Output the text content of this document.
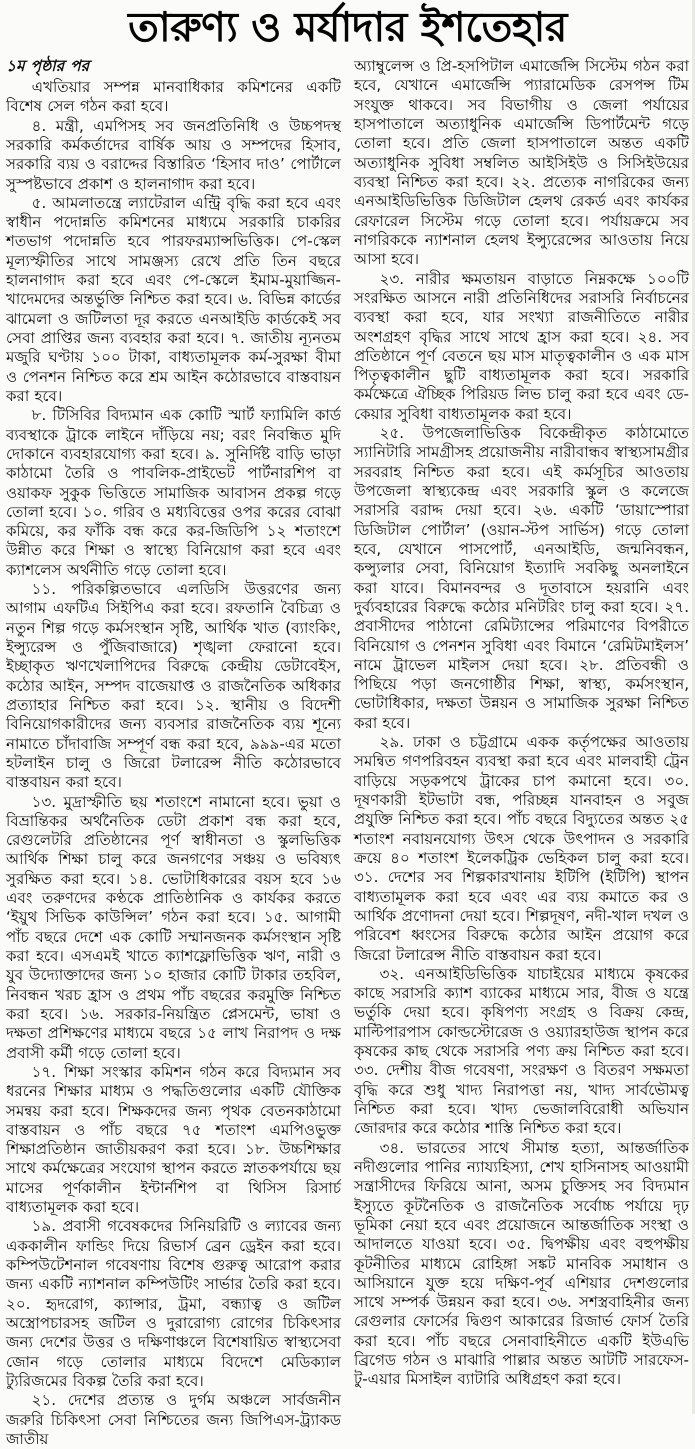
তারুণ্য ও মর্যাদার ইশতেহার

১ম পৃষ্ঠার পর

এখতিয়ার সম্পন্ন মানবাধিকার কমিশনের একটি বিশেষ সেল গঠন করা হবে।

৪. মন্ত্রী, এমপিসহ সব জনপ্রতিনিধি ও উচ্চপদস্থ সরকারি কর্মকর্তাদের বার্ষিক আয় ও সম্পদের হিসাব, সরকারি ব্যয় ও বরাদ্দের বিস্তারিত ‘হিসাব দাও’ পোর্টালে সুস্পষ্টভাবে প্রকাশ ও হালনাগাদ করা হবে।

৫. আমলাতন্ত্রে ল্যাটেরাল এন্ট্রি বৃদ্ধি করা হবে এবং স্বাধীন পদোন্নতি কমিশনের মাধ্যমে সরকারি চাকরির শতভাগ পদোন্নতি হবে পারফরম্যান্সভিত্তিক। পে-স্কেল মূল্যস্ফীতির সাথে সামঞ্জস্য রেখে প্রতি তিন বছরে হালনাগাদ করা হবে এবং পে-স্কেলে ইমাম-মুয়াজ্জিন-খাদেমদের অন্তর্ভুক্তি নিশ্চিত করা হবে। ৬. বিভিন্ন কার্ডের ঝামেলা ও জটিলতা দূর করতে এনআইডি কার্ডকেই সব সেবা প্রাপ্তির জন্য ব্যবহার করা হবে। ৭. জাতীয় ন্যূনতম মজুরি ঘণ্টায় ১০০ টাকা, বাধ্যতামূলক কর্ম-সুরক্ষা বীমা ও পেনশন নিশ্চিত করে শ্রম আইন কঠোরভাবে বাস্তবায়ন করা হবে।

৮. টিসিবির বিদ্যমান এক কোটি স্মার্ট ফ্যামিলি কার্ড ব্যবস্থাকে ট্রাকে লাইনে দাঁড়িয়ে নয়; বরং নিবন্ধিত মুদি দোকানে ব্যবহারযোগ্য করা হবে। ৯. সুনির্দিষ্ট বাড়ি ভাড়া কাঠামো তৈরি ও পাবলিক-প্রাইভেট পার্টনারশিপ বা ওয়াকফ সুকুক ভিত্তিতে সামাজিক আবাসন প্রকল্প গড়ে তোলা হবে। ১০. গরিব ও মধ্যবিত্তের ওপর করের বোঝা কমিয়ে, কর ফাঁকি বন্ধ করে কর-জিডিপি ১২ শতাংশে উন্নীত করে শিক্ষা ও স্বাস্থ্যে বিনিয়োগ করা হবে এবং ক্যাশলেস অর্থনীতি গড়ে তোলা হবে।

১১. পরিকল্পিতভাবে এলডিসি উত্তরণের জন্য আগাম এফটিএ সিইপিএ করা হবে। রফতানি বৈচিত্র্য ও নতুন শিল্প গড়ে কর্মসংস্থান সৃষ্টি, আর্থিক খাত (ব্যাংকিং, ইন্স্যুরেন্স ও পুঁজিবাজারে) শৃঙ্খলা ফেরানো হবে। ইচ্ছাকৃত ঋণখেলাপিদের বিরুদ্ধে কেন্দ্রীয় ডেটাবেইস, কঠোর আইন, সম্পদ বাজেয়াপ্ত ও রাজনৈতিক অধিকার প্রত্যাহার নিশ্চিত করা হবে। ১২. স্থানীয় ও বিদেশী বিনিয়োগকারীদের জন্য ব্যবসার রাজনৈতিক ব্যয় শূন্যে নামাতে চাঁদাবাজি সম্পূর্ণ বন্ধ করা হবে, ৯৯৯-এর মতো হটলাইন চালু ও জিরো টলারেন্স নীতি কঠোরভাবে বাস্তবায়ন করা হবে।

১৩. মুদ্রাস্ফীতি ছয় শতাংশে নামানো হবে। ভুয়া ও বিভ্রান্তিকর অর্থনৈতিক ডেটা প্রকাশ বন্ধ করা হবে, রেগুলেটরি প্রতিষ্ঠানের পূর্ণ স্বাধীনতা ও স্কুলভিত্তিক আর্থিক শিক্ষা চালু করে জনগণের সঞ্চয় ও ভবিষ্যৎ সুরক্ষিত করা হবে। ১৪. ভোটাধিকারের বয়স হবে ১৬ এবং তরুণদের কণ্ঠকে প্রাতিষ্ঠানিক ও কার্যকর করতে ‘ইয়ুথ সিভিক কাউন্সিল’ গঠন করা হবে। ১৫. আগামী পাঁচ বছরে দেশে এক কোটি সম্মানজনক কর্মসংস্থান সৃষ্টি করা হবে। এসএমই খাতে ক্যাশফ্লোভিত্তিক ঋণ, নারী ও যুব উদ্যোক্তাদের জন্য ১০ হাজার কোটি টাকার তহবিল, নিবন্ধন খরচ হ্রাস ও প্রথম পাঁচ বছরের করমুক্তি নিশ্চিত করা হবে। ১৬. সরকার-নিয়ন্ত্রিত প্লেসমেন্ট, ভাষা ও দক্ষতা প্রশিক্ষণের মাধ্যমে বছরে ১৫ লাখ নিরাপদ ও দক্ষ প্রবাসী কর্মী গড়ে তোলা হবে।

১৭. শিক্ষা সংস্কার কমিশন গঠন করে বিদ্যমান সব ধরনের শিক্ষার মাধ্যম ও পদ্ধতিগুলোর একটি যৌক্তিক সমন্বয় করা হবে। শিক্ষকদের জন্য পৃথক বেতনকাঠামো বাস্তবায়ন ও পাঁচ বছরে ৭৫ শতাংশ এমপিওভুক্ত শিক্ষাপ্রতিষ্ঠান জাতীয়করণ করা হবে। ১৮. উচ্চশিক্ষার সাথে কর্মক্ষেত্রের সংযোগ স্থাপন করতে স্নাতকপর্যায়ে ছয় মাসের পূর্ণকালীন ইন্টার্নশিপ বা থিসিস রিসার্চ বাধ্যতামূলক করা হবে।

১৯. প্রবাসী গবেষকদের সিনিয়রিটি ও ল্যাবের জন্য এককালীন ফান্ডিং দিয়ে রিভার্স ব্রেন ড্রেইন করা হবে। কম্পিউটেশনাল গবেষণায় বিশেষ গুরুত্ব আরোপ করার জন্য একটি ন্যাশনাল কম্পিউটিং সার্ভার তৈরি করা হবে। ২০. হৃদরোগ, ক্যান্সার, ট্রমা, বন্ধ্যাত্ব ও জটিল অস্ত্রোপচারসহ জটিল ও দুরারোগ্য রোগের চিকিৎসার জন্য দেশের উত্তর ও দক্ষিণাঞ্চলে বিশেষায়িত স্বাস্থ্যসেবা জোন গড়ে তোলার মাধ্যমে বিদেশে মেডিক্যাল ট্যুরিজমের বিকল্প তৈরি করা হবে।

২১. দেশের প্রত্যন্ত ও দুর্গম অঞ্চলে সার্বজনীন জরুরি চিকিৎসা সেবা নিশ্চিতের জন্য জিপিএস-ট্র্যাকড জাতীয়

অ্যাম্বুলেন্স ও প্রি-হসপিটাল এমার্জেন্সি সিস্টেম গঠন করা হবে, যেখানে এমার্জেন্সি প্যারামেডিক রেসপন্স টিম সংযুক্ত থাকবে। সব বিভাগীয় ও জেলা পর্যায়ের হাসপাতালে অত্যাধুনিক এমার্জেন্সি ডিপার্টমেন্ট গড়ে তোলা হবে। প্রতি জেলা হাসপাতালে অন্তত একটি অত্যাধুনিক সুবিধা সম্বলিত আইসিইউ ও সিসিইউয়ের ব্যবস্থা নিশ্চিত করা হবে। ২২. প্রত্যেক নাগরিকের জন্য এনআইডিভিত্তিক ডিজিটাল হেলথ রেকর্ড এবং কার্যকর রেফারেল সিস্টেম গড়ে তোলা হবে। পর্যায়ক্রমে সব নাগরিককে ন্যাশনাল হেলথ ইন্স্যুরেন্সের আওতায় নিয়ে আসা হবে।

২৩. নারীর ক্ষমতায়ন বাড়াতে নিম্নকক্ষে ১০০টি সংরক্ষিত আসনে নারী প্রতিনিধিদের সরাসরি নির্বাচনের ব্যবস্থা করা হবে, যার সংখ্যা রাজনীতিতে নারীর অংশগ্রহণ বৃদ্ধির সাথে সাথে হ্রাস করা হবে। ২৪. সব প্রতিষ্ঠানে পূর্ণ বেতনে ছয় মাস মাতৃত্বকালীন ও এক মাস পিতৃত্বকালীন ছুটি বাধ্যতামূলক করা হবে। সরকারি কর্মক্ষেত্রে ঐচ্ছিক পিরিয়ড লিভ চালু করা হবে এবং ডে-কেয়ার সুবিধা বাধ্যতামূলক করা হবে।

২৫. উপজেলাভিত্তিক বিকেন্দ্রীকৃত কাঠামোতে স্যানিটারি সামগ্রীসহ প্রয়োজনীয় নারীবান্ধব স্বাস্থ্যসামগ্রীর সরবরাহ নিশ্চিত করা হবে। এই কর্মসূচির আওতায় উপজেলা স্বাস্থ্যকেন্দ্র এবং সরকারি স্কুল ও কলেজে সরাসরি বরাদ্দ দেয়া হবে। ২৬. একটি ‘ডায়াস্পোরা ডিজিটাল পোর্টাল’ (ওয়ান-স্টপ সার্ভিস) গড়ে তোলা হবে, যেখানে পাসপোর্ট, এনআইডি, জন্মনিবন্ধন, কন্স্যুলার সেবা, বিনিয়োগ ইত্যাদি সবকিছু অনলাইনে করা যাবে। বিমানবন্দর ও দূতাবাসে হয়রানি এবং দুর্ব্যবহারের বিরুদ্ধে কঠোর মনিটরিং চালু করা হবে। ২৭. প্রবাসীদের পাঠানো রেমিট্যান্সের পরিমাণের বিপরীতে বিনিয়োগ ও পেনশন সুবিধা এবং বিমানে ‘রেমিটমাইলস’ নামে ট্রাভেল মাইলস দেয়া হবে। ২৮. প্রতিবন্ধী ও পিছিয়ে পড়া জনগোষ্ঠীর শিক্ষা, স্বাস্থ্য, কর্মসংস্থান, ভোটাধিকার, দক্ষতা উন্নয়ন ও সামাজিক সুরক্ষা নিশ্চিত করা হবে।

২৯. ঢাকা ও চট্টগ্রামে একক কর্তৃপক্ষের আওতায় সমন্বিত গণপরিবহন ব্যবস্থা করা হবে এবং মালবাহী ট্রেন বাড়িয়ে সড়কপথে ট্রাকের চাপ কমানো হবে। ৩০. দূষণকারী ইটভাটা বন্ধ, পরিচ্ছন্ন যানবাহন ও সবুজ প্রযুক্তি নিশ্চিত করা হবে। পাঁচ বছরে বিদ্যুতের অন্তত ২৫ শতাংশ নবায়নযোগ্য উৎস থেকে উৎপাদন ও সরকারি ক্রয়ে ৪০ শতাংশ ইলেকট্রিক ভেহিকল চালু করা হবে। ৩১. দেশের সব শিল্পকারখানায় ইটিপি (ইটিপি) স্থাপন বাধ্যতামূলক করা হবে এবং এর ব্যয় কমাতে কর ও আর্থিক প্রণোদনা দেয়া হবে। শিল্পদূষণ, নদী-খাল দখল ও পরিবেশ ধ্বংসের বিরুদ্ধে কঠোর আইন প্রয়োগ করে জিরো টলারেন্স নীতি বাস্তবায়ন করা হবে।

৩২. এনআইডিভিত্তিক যাচাইয়ের মাধ্যমে কৃষকের কাছে সরাসরি ক্যাশ ব্যাকের মাধ্যমে সার, বীজ ও যন্ত্রে ভর্তুকি দেয়া হবে। কৃষিপণ্য সংগ্রহ ও বিক্রয় কেন্দ্র, মাল্টিপারপাস কোল্ডস্টোরেজ ও ওয়্যারহাউজ স্থাপন করে কৃষকের কাছ থেকে সরাসরি পণ্য ক্রয় নিশ্চিত করা হবে। ৩৩. দেশীয় বীজ গবেষণা, সংরক্ষণ ও বিতরণ সক্ষমতা বৃদ্ধি করে শুধু খাদ্য নিরাপত্তা নয়, খাদ্য সার্বভৌমত্ব নিশ্চিত করা হবে। খাদ্য ভেজালবিরোধী অভিযান জোরদার করে কঠোর শাস্তি নিশ্চিত করা হবে।

৩৪. ভারতের সাথে সীমান্ত হত্যা, আন্তর্জাতিক নদীগুলোর পানির ন্যায্যহিস্যা, শেখ হাসিনাসহ আওয়ামী সন্ত্রাসীদের ফিরিয়ে আনা, অসম চুক্তিসহ সব বিদ্যমান ইস্যুতে কূটনৈতিক ও রাজনৈতিক সর্বোচ্চ পর্যায়ে দৃঢ় ভূমিকা নেয়া হবে এবং প্রয়োজনে আন্তর্জাতিক সংস্থা ও আদালতে যাওয়া হবে। ৩৫. দ্বিপক্ষীয় এবং বহুপক্ষীয় কূটনীতির মাধ্যমে রোহিঙ্গা সঙ্কট মানবিক সমাধান ও আসিয়ানে যুক্ত হয়ে দক্ষিণ-পূর্ব এশিয়ার দেশগুলোর সাথে সম্পর্ক উন্নয়ন করা হবে। ৩৬. সশস্ত্রবাহিনীর জন্য রেগুলার ফোর্সের দ্বিগুণ আকারের রিজার্ভ ফোর্স তৈরি করা হবে। পাঁচ বছরে সেনাবাহিনীতে একটি ইউএভি ব্রিগেড গঠন ও মাঝারি পাল্লার অন্তত আটটি সারফেস-টু-এয়ার মিসাইল ব্যাটারি অধিগ্রহণ করা হবে।
